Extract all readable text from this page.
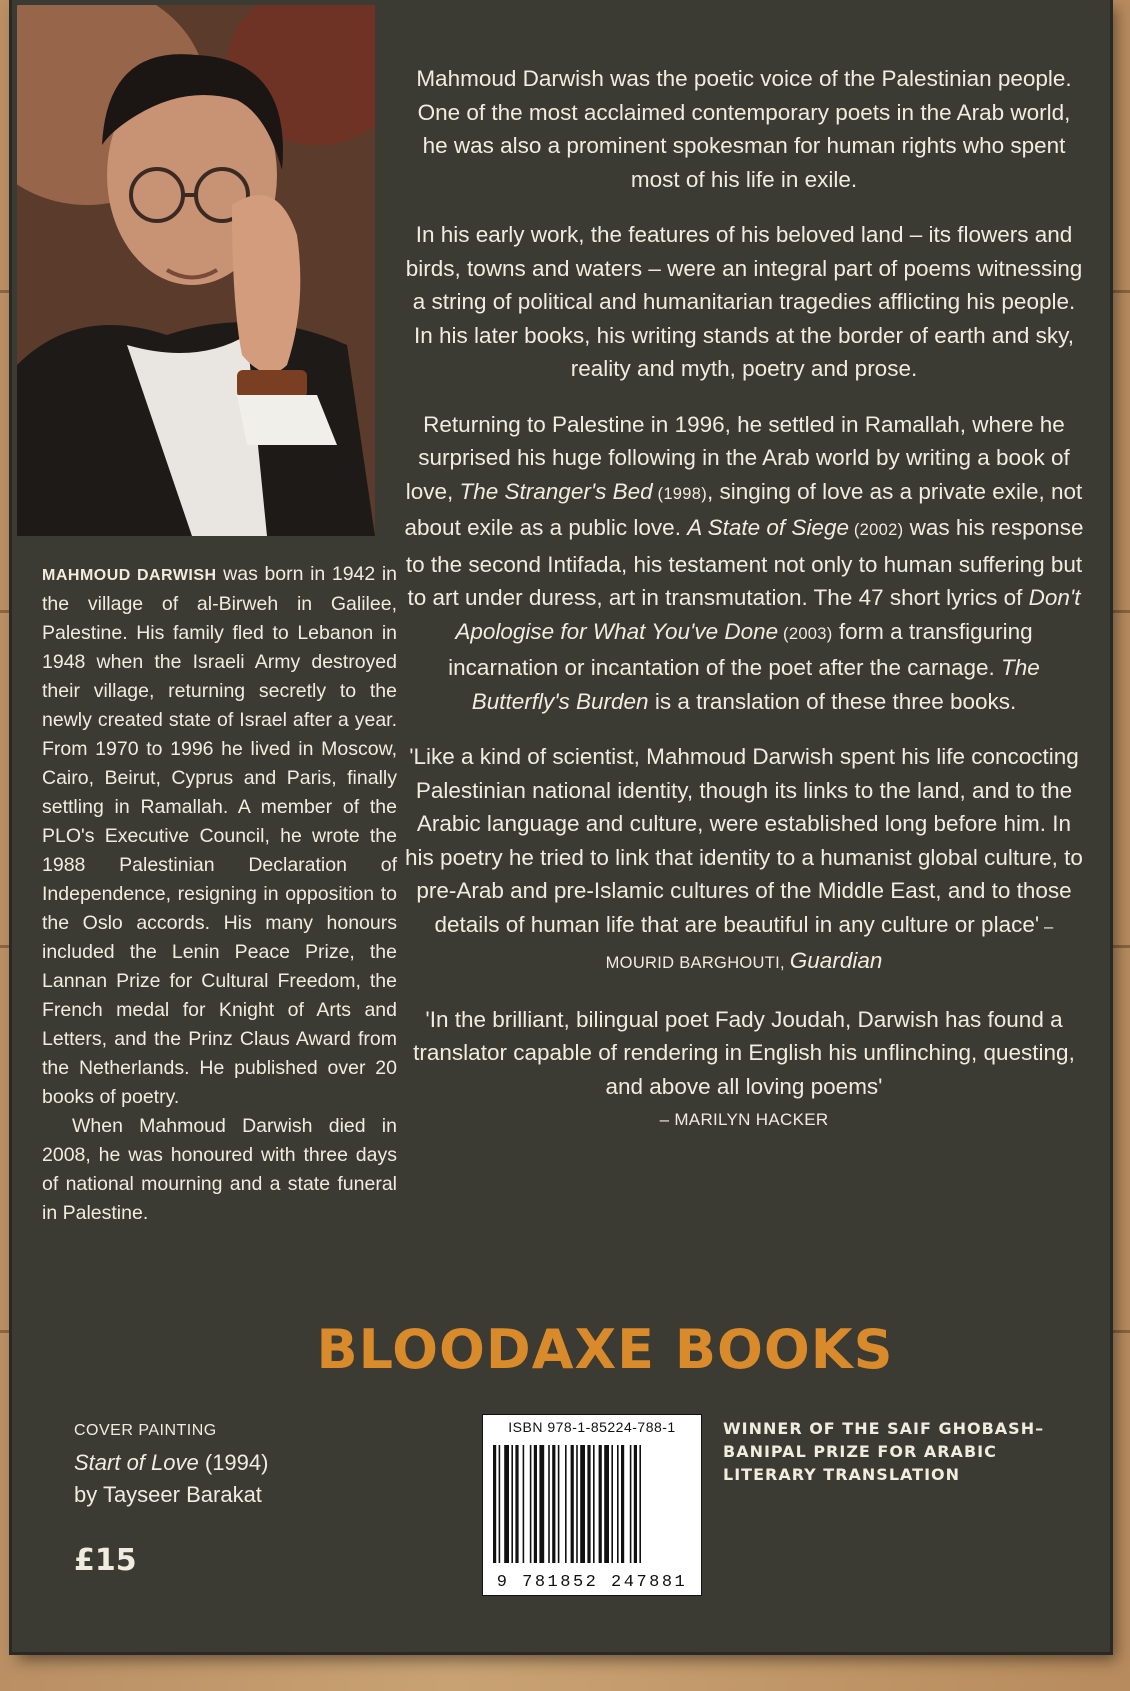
MAHMOUD DARWISH was born in 1942 in the village of al-Birweh in Galilee, Palestine. His family fled to Lebanon in 1948 when the Israeli Army destroyed their village, returning secretly to the newly created state of Israel after a year. From 1970 to 1996 he lived in Moscow, Cairo, Beirut, Cyprus and Paris, finally settling in Ramallah. A member of the PLO's Executive Council, he wrote the 1988 Palestinian Declaration of Independence, resigning in opposition to the Oslo accords. His many honours included the Lenin Peace Prize, the Lannan Prize for Cultural Freedom, the French medal for Knight of Arts and Letters, and the Prinz Claus Award from the Netherlands. He published over 20 books of poetry.

When Mahmoud Darwish died in 2008, he was honoured with three days of national mourning and a state funeral in Palestine.

Mahmoud Darwish was the poetic voice of the Palestinian people. One of the most acclaimed contemporary poets in the Arab world, he was also a prominent spokesman for human rights who spent most of his life in exile.

In his early work, the features of his beloved land – its flowers and birds, towns and waters – were an integral part of poems witnessing a string of political and humanitarian tragedies afflicting his people. In his later books, his writing stands at the border of earth and sky, reality and myth, poetry and prose.

Returning to Palestine in 1996, he settled in Ramallah, where he surprised his huge following in the Arab world by writing a book of love, The Stranger's Bed (1998), singing of love as a private exile, not about exile as a public love. A State of Siege (2002) was his response to the second Intifada, his testament not only to human suffering but to art under duress, art in transmutation. The 47 short lyrics of Don't Apologise for What You've Done (2003) form a transfiguring incarnation or incantation of the poet after the carnage. The Butterfly's Burden is a translation of these three books.

'Like a kind of scientist, Mahmoud Darwish spent his life concocting Palestinian national identity, though its links to the land, and to the Arabic language and culture, were established long before him. In his poetry he tried to link that identity to a humanist global culture, to pre-Arab and pre-Islamic cultures of the Middle East, and to those details of human life that are beautiful in any culture or place' – MOURID BARGHOUTI, Guardian

'In the brilliant, bilingual poet Fady Joudah, Darwish has found a translator capable of rendering in English his unflinching, questing, and above all loving poems'
– MARILYN HACKER

BLOODAXE BOOKS
COVER PAINTING
Start of Love (1994)
by Tayseer Barakat
£15
ISBN 978-1-85224-788-1
9 781852 247881
WINNER OF THE SAIF GHOBASH–BANIPAL PRIZE FOR ARABIC LITERARY TRANSLATION
